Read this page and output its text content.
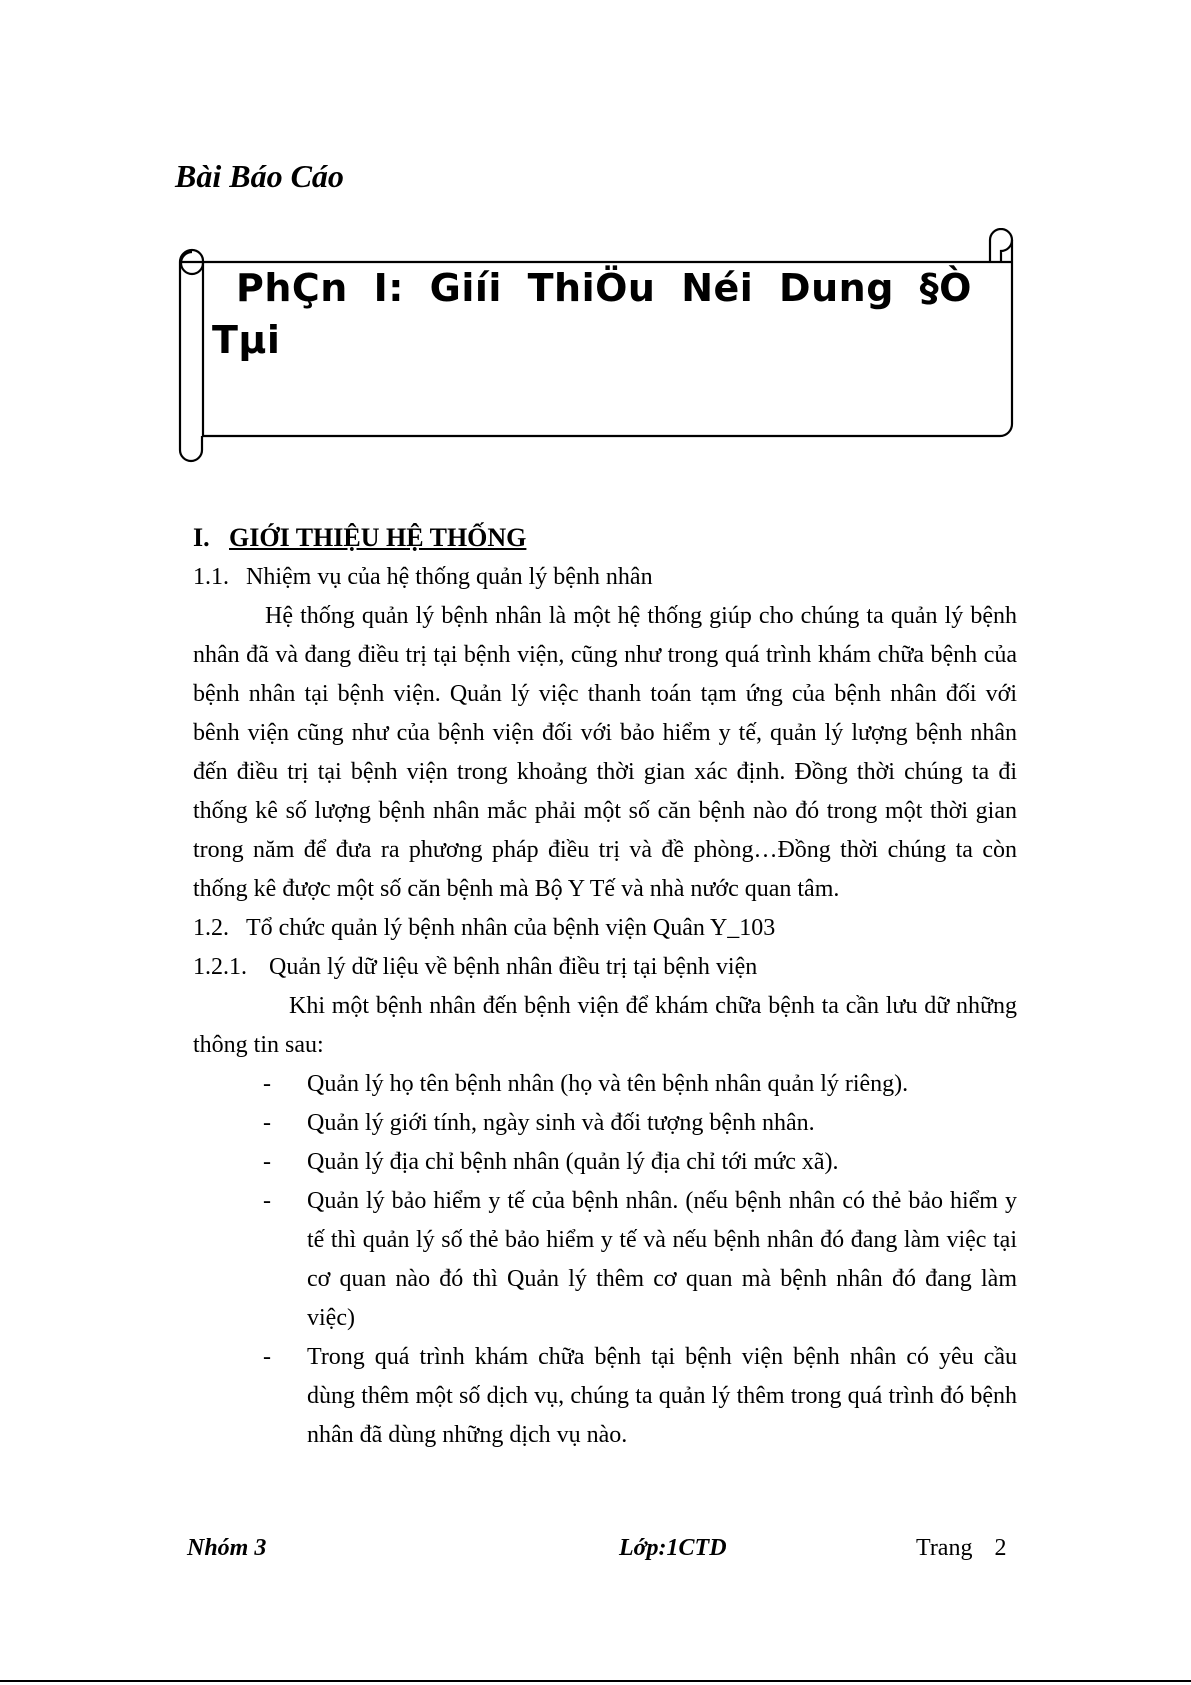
Bài Báo Cáo
PhÇn I: Giíi ThiÖu Néi Dung §Ò Tµi

I. GIỚI THIỆU HỆ THỐNG

1.1. Nhiệm vụ của hệ thống quản lý bệnh nhân

Hệ thống quản lý bệnh nhân là một hệ thống giúp cho chúng ta quản lý bệnh nhân đã và đang điều trị tại bệnh viện, cũng như trong quá trình khám chữa bệnh của bệnh nhân tại bệnh viện. Quản lý việc thanh toán tạm ứng của bệnh nhân đối với bênh viện cũng như của bệnh viện đối với bảo hiểm y tế, quản lý lượng bệnh nhân đến điều trị tại bệnh viện trong khoảng thời gian xác định. Đồng thời chúng ta đi thống kê số lượng bệnh nhân mắc phải một số căn bệnh nào đó trong một thời gian trong năm để đưa ra phương pháp điều trị và đề phòng…Đồng thời chúng ta còn thống kê được một số căn bệnh mà Bộ Y Tế và nhà nước quan tâm.

1.2. Tổ chức quản lý bệnh nhân của bệnh viện Quân Y_103

1.2.1. Quản lý dữ liệu về bệnh nhân điều trị tại bệnh viện

Khi một bệnh nhân đến bệnh viện để khám chữa bệnh ta cần lưu dữ những thông tin sau:

- Quản lý họ tên bệnh nhân (họ và tên bệnh nhân quản lý riêng).
- Quản lý giới tính, ngày sinh và đối tượng bệnh nhân.
- Quản lý địa chỉ bệnh nhân (quản lý địa chỉ tới mức xã).
- Quản lý bảo hiểm y tế của bệnh nhân. (nếu bệnh nhân có thẻ bảo hiểm y tế thì quản lý số thẻ bảo hiểm y tế và nếu bệnh nhân đó đang làm việc tại cơ quan nào đó thì Quản lý thêm cơ quan mà bệnh nhân đó đang làm việc)
- Trong quá trình khám chữa bệnh tại bệnh viện bệnh nhân có yêu cầu dùng thêm một số dịch vụ, chúng ta quản lý thêm trong quá trình đó bệnh nhân đã dùng những dịch vụ nào.
Nhóm 3	Lớp:1CTD	Trang 2
